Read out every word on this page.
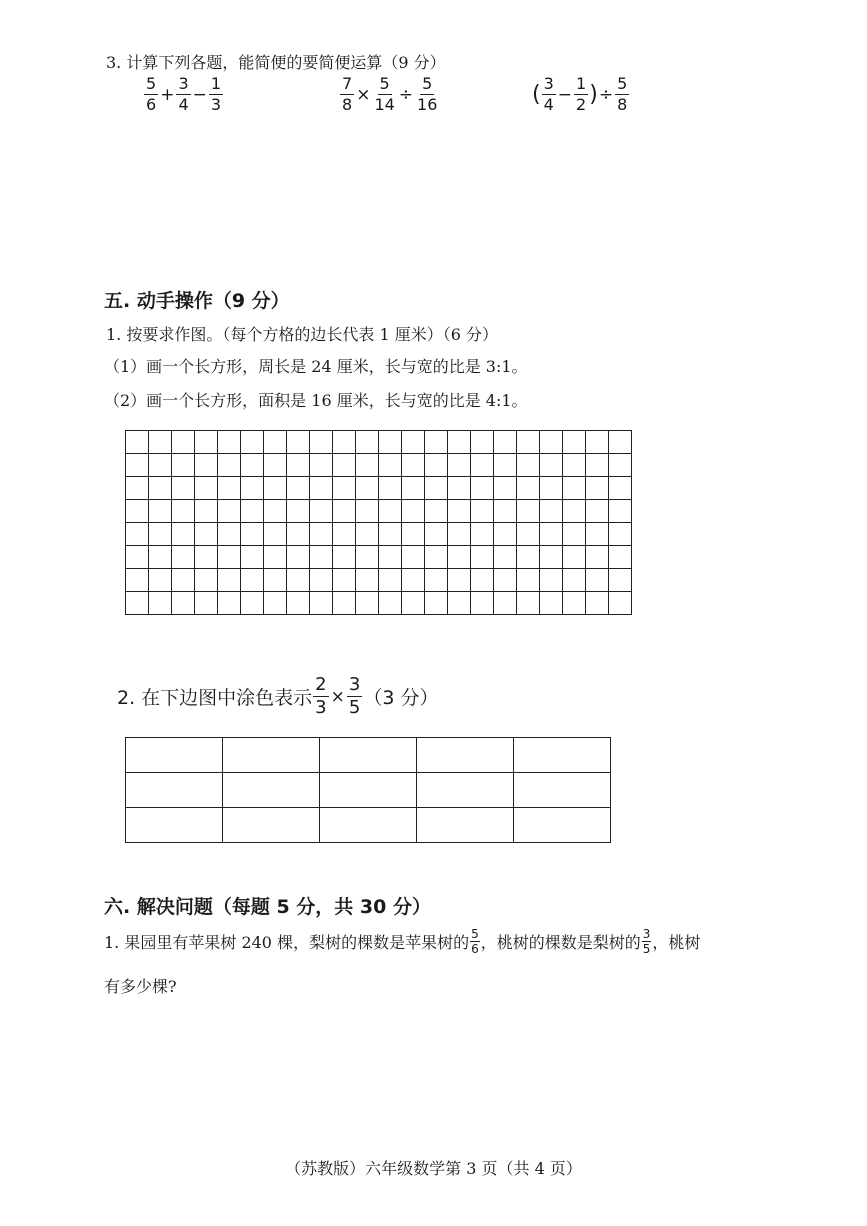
3. 计算下列各题，能简便的要简便运算（9 分）
$\frac{5}{6} + \frac{3}{4} - \frac{1}{3}$	$\frac{7}{8} \times \frac{5}{14} \div \frac{5}{16}$	( $\frac{3}{4} - \frac{1}{2}$ ) ÷ $\frac{5}{8}$
五. 动手操作（9 分）
1. 按要求作图。（每个方格的边长代表 1 厘米）（6 分）
（1）画一个长方形，周长是 24 厘米，长与宽的比是 3:1。
（2）画一个长方形，面积是 16 厘米，长与宽的比是 4:1。
2. 在下边图中涂色表示 $\frac{2}{3} \times \frac{3}{5} (3$ 分）
六. 解决问题（每题 5 分，共 30 分）
1. 果园里有苹果树 240 棵，梨树的棵数是苹果树的 $\frac{5}{6}$ ，桃树的棵数是梨树的 $\frac{3}{5}$ ，桃树
有多少棵?
（苏教版）六年级数学第 3 页（共 4 页）
